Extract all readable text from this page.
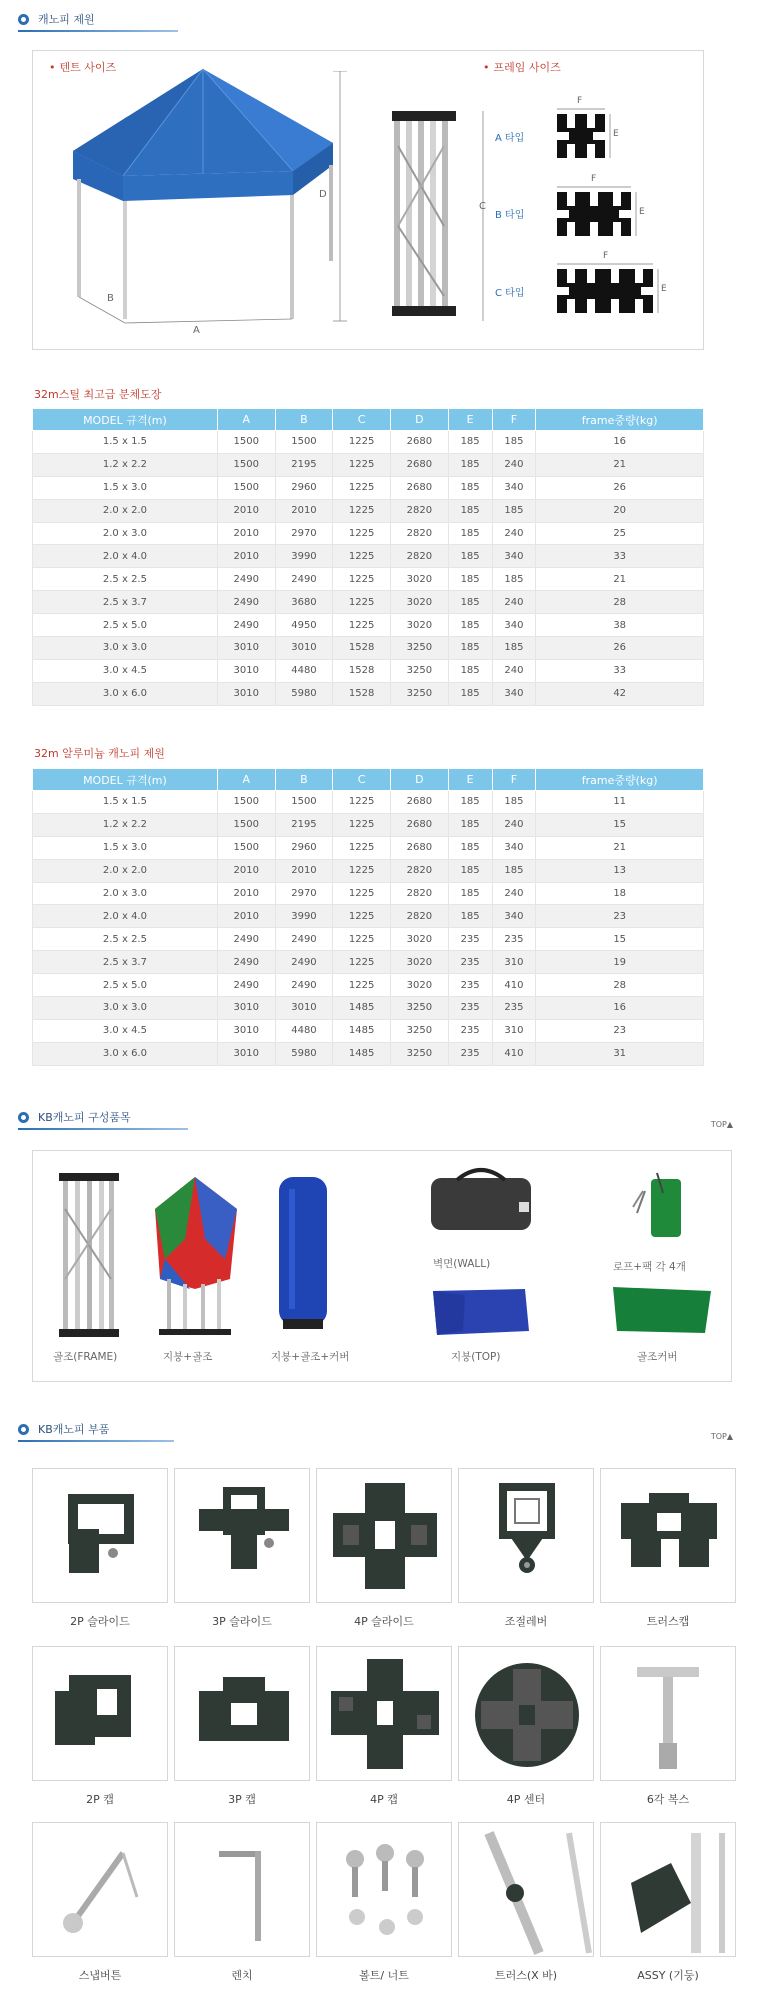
캐노피 제원
• 텐트 사이즈	• 프레임 사이즈
B
A
D
C
A 타입
B 타입
C 타입
F
E
F
E
F
E
32m스틸 최고급 분체도장
MODEL 규격(m)	A	B	C	D	E	F	frame중량(kg)
1.5 x 1.5	1500	1500	1225	2680	185	185	16
1.2 x 2.2	1500	2195	1225	2680	185	240	21
1.5 x 3.0	1500	2960	1225	2680	185	340	26
2.0 x 2.0	2010	2010	1225	2820	185	185	20
2.0 x 3.0	2010	2970	1225	2820	185	240	25
2.0 x 4.0	2010	3990	1225	2820	185	340	33
2.5 x 2.5	2490	2490	1225	3020	185	185	21
2.5 x 3.7	2490	3680	1225	3020	185	240	28
2.5 x 5.0	2490	4950	1225	3020	185	340	38
3.0 x 3.0	3010	3010	1528	3250	185	185	26
3.0 x 4.5	3010	4480	1528	3250	185	240	33
3.0 x 6.0	3010	5980	1528	3250	185	340	42
32m 알루미늄 캐노피 제원
MODEL 규격(m)	A	B	C	D	E	F	frame중량(kg)
1.5 x 1.5	1500	1500	1225	2680	185	185	11
1.2 x 2.2	1500	2195	1225	2680	185	240	15
1.5 x 3.0	1500	2960	1225	2680	185	340	21
2.0 x 2.0	2010	2010	1225	2820	185	185	13
2.0 x 3.0	2010	2970	1225	2820	185	240	18
2.0 x 4.0	2010	3990	1225	2820	185	340	23
2.5 x 2.5	2490	2490	1225	3020	235	235	15
2.5 x 3.7	2490	2490	1225	3020	235	310	19
2.5 x 5.0	2490	2490	1225	3020	235	410	28
3.0 x 3.0	3010	3010	1485	3250	235	235	16
3.0 x 4.5	3010	4480	1485	3250	235	310	23
3.0 x 6.0	3010	5980	1485	3250	235	410	31
KB캐노피 구성품목
TOP▲
벽면(WALL)	로프+팩 각 4개
골조(FRAME)	지붕+골조	지붕+골조+커버	지붕(TOP)	골조커버
KB캐노피 부품
TOP▲
2P 슬라이드	3P 슬라이드	4P 슬라이드	조절레버	트러스캡
2P 캡	3P 캡	4P 캡	4P 센터	6각 복스
스냅버튼	렌치	볼트/ 너트	트러스(X 바)	ASSY (기둥)
